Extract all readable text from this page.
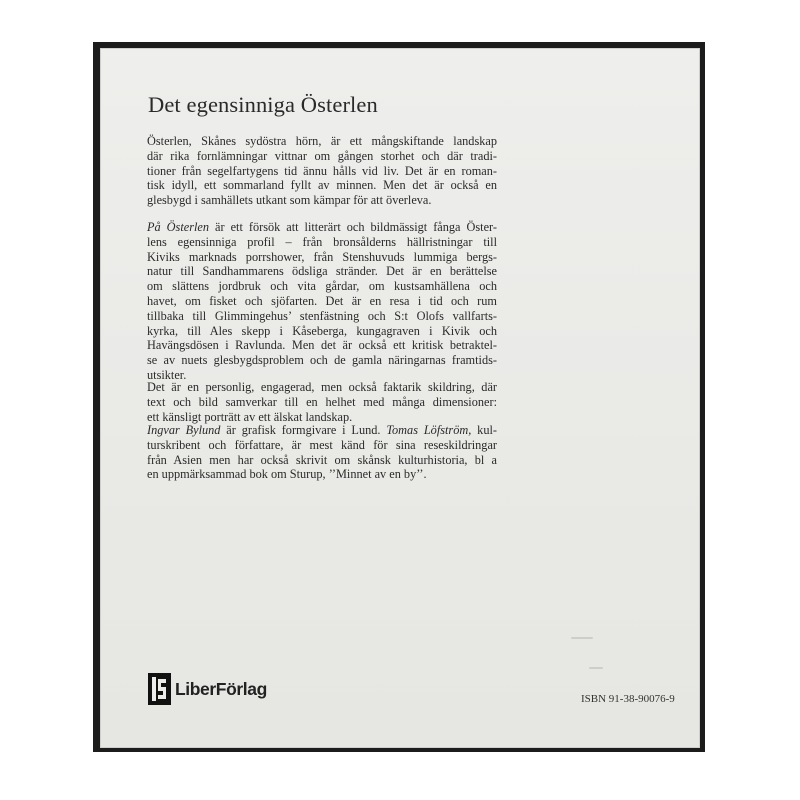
Det egensinniga Österlen
Österlen, Skånes sydöstra hörn, är ett mångskiftande landskap
där rika fornlämningar vittnar om gången storhet och där tradi-
tioner från segelfartygens tid ännu hålls vid liv. Det är en roman-
tisk idyll, ett sommarland fyllt av minnen. Men det är också en
glesbygd i samhällets utkant som kämpar för att överleva.
På Österlen är ett försök att litterärt och bildmässigt fånga Öster-
lens egensinniga profil – från bronsålderns hällristningar till
Kiviks marknads porrshower, från Stenshuvuds lummiga bergs-
natur till Sandhammarens ödsliga stränder. Det är en berättelse
om slättens jordbruk och vita gårdar, om kustsamhällena och
havet, om fisket och sjöfarten. Det är en resa i tid och rum
tillbaka till Glimmingehus’ stenfästning och S:t Olofs vallfarts-
kyrka, till Ales skepp i Kåseberga, kungagraven i Kivik och
Havängsdösen i Ravlunda. Men det är också ett kritisk betraktel-
se av nuets glesbygdsproblem och de gamla näringarnas framtids-
utsikter.
Det är en personlig, engagerad, men också faktarik skildring, där
text och bild samverkar till en helhet med många dimensioner:
ett känsligt porträtt av ett älskat landskap.
Ingvar Bylund är grafisk formgivare i Lund. Tomas Löfström, kul-
turskribent och författare, är mest känd för sina reseskildringar
från Asien men har också skrivit om skånsk kulturhistoria, bl a
en uppmärksammad bok om Sturup, ’’Minnet av en by’’.
LiberFörlag
ISBN 91-38-90076-9
